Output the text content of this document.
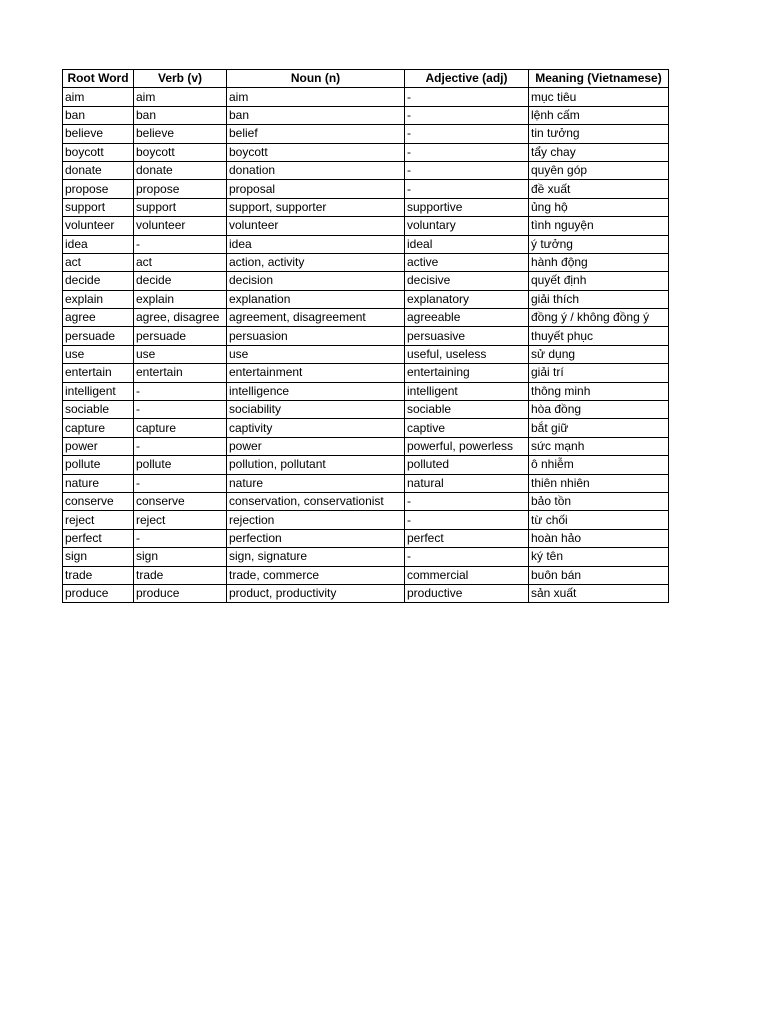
Root Word	Verb (v)	Noun (n)	Adjective (adj)	Meaning (Vietnamese)
aim	aim	aim	-	mục tiêu
ban	ban	ban	-	lệnh cấm
believe	believe	belief	-	tin tưởng
boycott	boycott	boycott	-	tẩy chay
donate	donate	donation	-	quyên góp
propose	propose	proposal	-	đề xuất
support	support	support, supporter	supportive	ủng hộ
volunteer	volunteer	volunteer	voluntary	tình nguyện
idea	-	idea	ideal	ý tưởng
act	act	action, activity	active	hành động
decide	decide	decision	decisive	quyết định
explain	explain	explanation	explanatory	giải thích
agree	agree, disagree	agreement, disagreement	agreeable	đồng ý / không đồng ý
persuade	persuade	persuasion	persuasive	thuyết phục
use	use	use	useful, useless	sử dụng
entertain	entertain	entertainment	entertaining	giải trí
intelligent	-	intelligence	intelligent	thông minh
sociable	-	sociability	sociable	hòa đồng
capture	capture	captivity	captive	bắt giữ
power	-	power	powerful, powerless	sức mạnh
pollute	pollute	pollution, pollutant	polluted	ô nhiễm
nature	-	nature	natural	thiên nhiên
conserve	conserve	conservation, conservationist	-	bảo tồn
reject	reject	rejection	-	từ chối
perfect	-	perfection	perfect	hoàn hảo
sign	sign	sign, signature	-	ký tên
trade	trade	trade, commerce	commercial	buôn bán
produce	produce	product, productivity	productive	sản xuất
